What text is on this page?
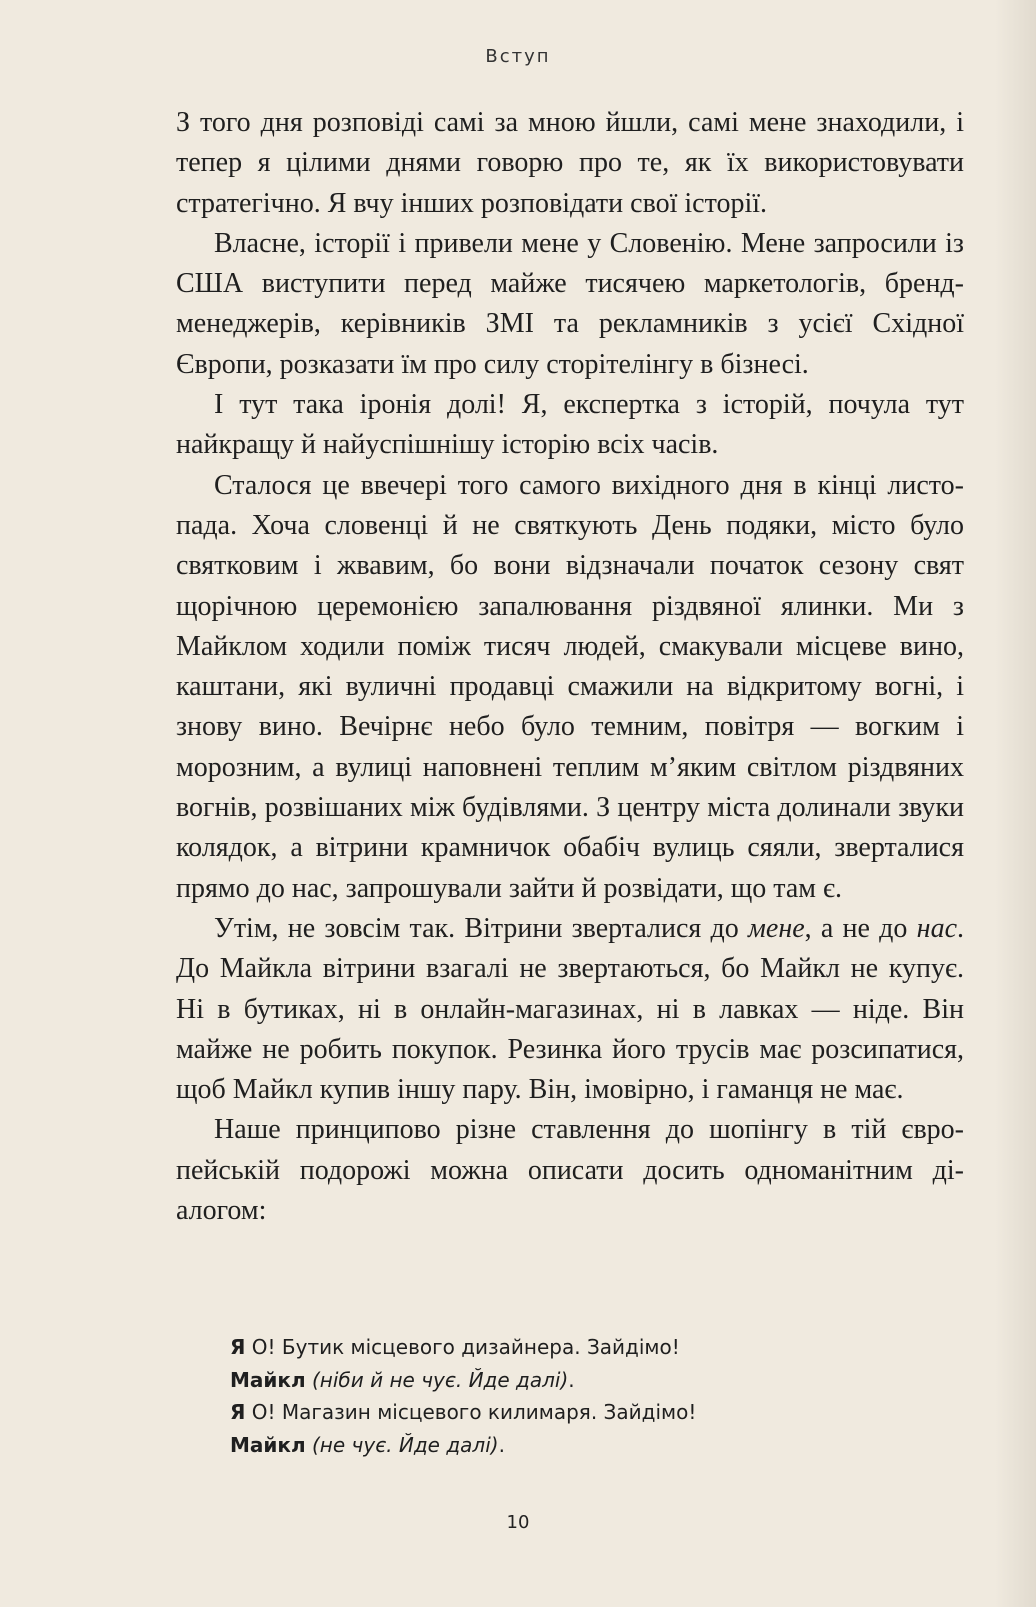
Вступ

З того дня розповіді самі за мною йшли, самі мене знаходили, і тепер я цілими днями говорю про те, як їх використовувати стратегічно. Я вчу інших розповідати свої історії.

Власне, історії і привели мене у Словенію. Мене запросили із США виступити перед майже тисячею маркетологів, бренд-менеджерів, керівників ЗМІ та рекламників з усієї Східної Європи, розказати їм про силу сторітелінгу в бізнесі.

І тут така іронія долі! Я, експертка з історій, почула тут найкращу й найуспішнішу історію всіх часів.

Сталося це ввечері того самого вихідного дня в кінці листопада. Хоча словенці й не святкують День подяки, місто було святковим і жвавим, бо вони відзначали початок сезону свят щорічною церемонією запалювання різдвяної ялинки. Ми з Майклом ходили поміж тисяч людей, смакували місцеве вино, каштани, які вуличні продавці смажили на відкритому вогні, і знову вино. Вечірнє небо було темним, повітря — вогким і морозним, а вулиці наповнені теплим м’яким світлом різдвяних вогнів, розвішаних між будівлями. З центру міста долинали звуки колядок, а вітрини крамничок обабіч вулиць сяяли, зверталися прямо до нас, запрошували зайти й розвідати, що там є.

Утім, не зовсім так. Вітрини зверталися до мене, а не до нас. До Майкла вітрини взагалі не звертаються, бо Майкл не купує. Ні в бутиках, ні в онлайн-магазинах, ні в лавках — ніде. Він майже не робить покупок. Резинка його трусів має розсипатися, щоб Майкл купив іншу пару. Він, імовірно, і гаманця не має.

Наше принципово різне ставлення до шопінгу в тій європейській подорожі можна описати досить одноманітним діалогом:

Я О! Бутик місцевого дизайнера. Зайдімо!
Майкл (ніби й не чує. Йде далі).
Я О! Магазин місцевого килимаря. Зайдімо!
Майкл (не чує. Йде далі).
10
